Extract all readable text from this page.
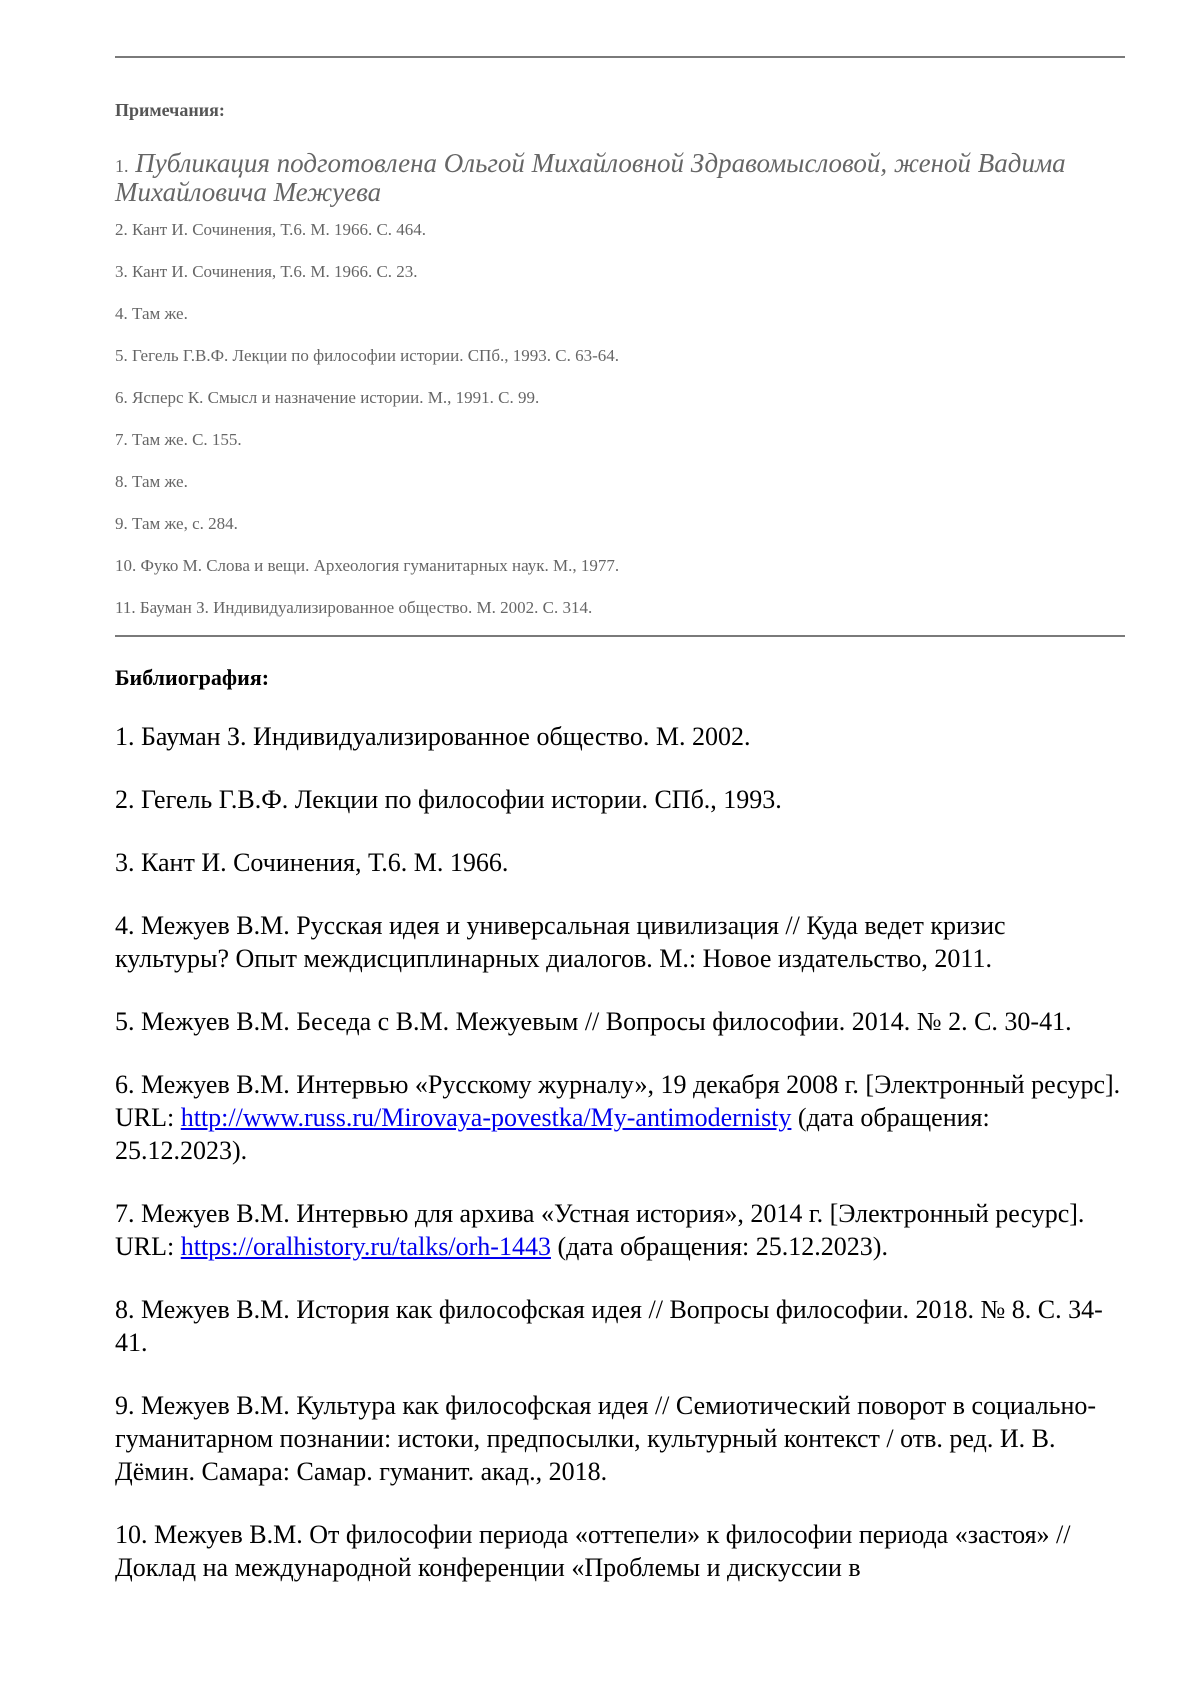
Примечания:
1. Публикация подготовлена Ольгой Михайловной Здравомысловой, женой Вадима Михайловича Межуева
2. Кант И. Сочинения, Т.6. М. 1966. С. 464.
3. Кант И. Сочинения, Т.6. М. 1966. С. 23.
4. Там же.
5. Гегель Г.В.Ф. Лекции по философии истории. СПб., 1993. С. 63-64.
6. Ясперс К. Смысл и назначение истории. М., 1991. С. 99.
7. Там же. С. 155.
8. Там же.
9. Там же, с. 284.
10. Фуко М. Слова и вещи. Археология гуманитарных наук. М., 1977.
11. Бауман З. Индивидуализированное общество. М. 2002. С. 314.
Библиография:
1. Бауман З. Индивидуализированное общество. М. 2002.
2. Гегель Г.В.Ф. Лекции по философии истории. СПб., 1993.
3. Кант И. Сочинения, Т.6. М. 1966.
4. Межуев В.М. Русская идея и универсальная цивилизация // Куда ведет кризис культуры? Опыт междисциплинарных диалогов. М.: Новое издательство, 2011.
5. Межуев В.М. Беседа с В.М. Межуевым // Вопросы философии. 2014. № 2. С. 30-41.
6. Межуев В.М. Интервью «Русскому журналу», 19 декабря 2008 г. [Электронный ресурс]. URL: http://www.russ.ru/Mirovaya-povestka/My-antimodernisty (дата обращения: 25.12.2023).
7. Межуев В.М. Интервью для архива «Устная история», 2014 г. [Электронный ресурс]. URL: https://oralhistory.ru/talks/orh-1443 (дата обращения: 25.12.2023).
8. Межуев В.М. История как философская идея // Вопросы философии. 2018. № 8. С. 34-41.
9. Межуев В.М. Культура как философская идея // Семиотический поворот в социально-гуманитарном познании: истоки, предпосылки, культурный контекст / отв. ред. И. В. Дёмин. Самара: Самар. гуманит. акад., 2018.
10. Межуев В.М. От философии периода «оттепели» к философии периода «застоя» // Доклад на международной конференции «Проблемы и дискуссии в
